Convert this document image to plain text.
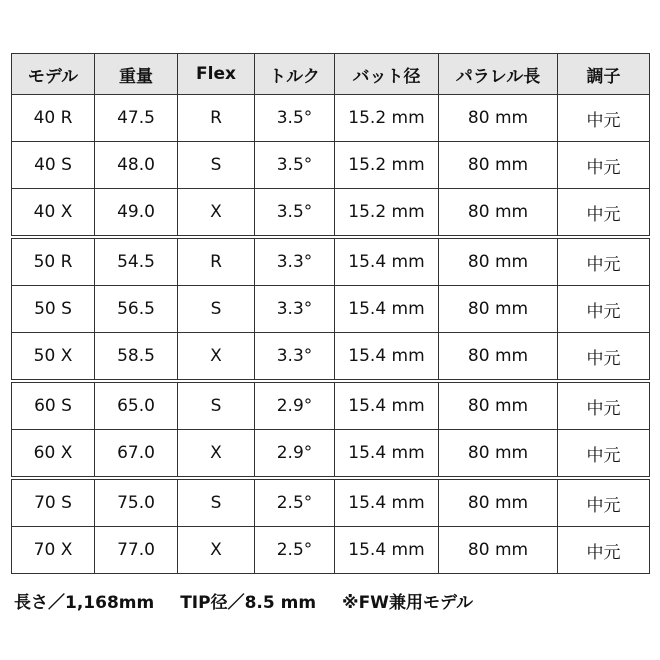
モデル	重量	Flex	トルク	バット径	パラレル長	調子
40 R	47.5	R	3.5°	15.2 mm	80 mm	中元
40 S	48.0	S	3.5°	15.2 mm	80 mm	中元
40 X	49.0	X	3.5°	15.2 mm	80 mm	中元
50 R	54.5	R	3.3°	15.4 mm	80 mm	中元
50 S	56.5	S	3.3°	15.4 mm	80 mm	中元
50 X	58.5	X	3.3°	15.4 mm	80 mm	中元
60 S	65.0	S	2.9°	15.4 mm	80 mm	中元
60 X	67.0	X	2.9°	15.4 mm	80 mm	中元
70 S	75.0	S	2.5°	15.4 mm	80 mm	中元
70 X	77.0	X	2.5°	15.4 mm	80 mm	中元
長さ／1,168mm TIP径／8.5 mm ※FW兼用モデル
